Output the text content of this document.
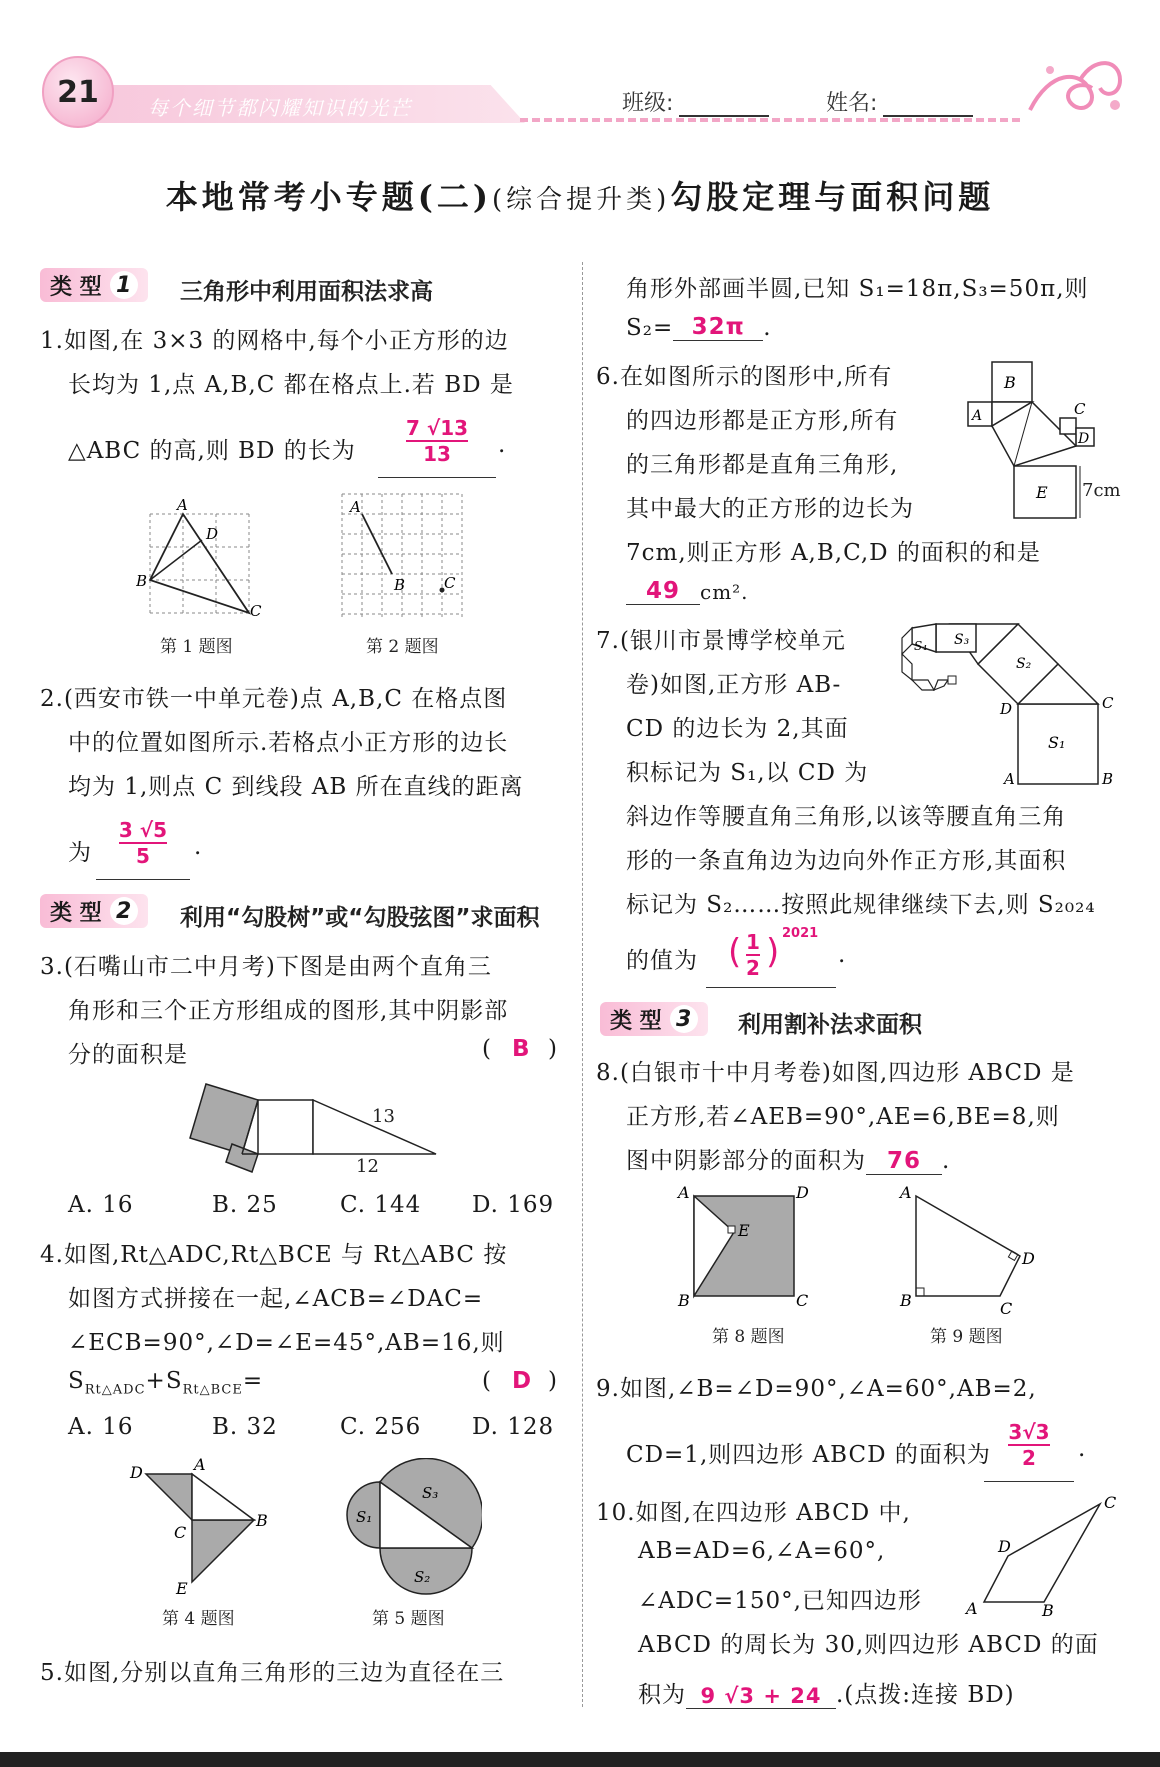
21	每个细节都闪耀知识的光芒	班级:	姓名:
本地常考小专题(二)(综合提升类)勾股定理与面积问题
类 型 1 三角形中利用面积法求高
1.如图,在 3×3 的网格中,每个小正方形的边
长均为 1,点 A,B,C 都在格点上.若 BD 是
△ABC 的高,则 BD 的长为	$\frac{7 √13}{13}$ .
A
B
C
D
第 1 题图
A
B	C
第 2 题图
2.(西安市铁一中单元卷)点 A,B,C 在格点图
中的位置如图所示.若格点小正方形的边长
均为 1,则点 C 到线段 AB 所在直线的距离
为 $\frac{3 √5}{5}$ .
类 型 2 利用“勾股树”或“勾股弦图”求面积
3.(石嘴山市二中月考)下图是由两个直角三
角形和三个正方形组成的图形,其中阴影部
分的面积是	( B )
13
12
A. 16	B. 25	C. 144 D. 169
4.如图,Rt△ADC,Rt△BCE 与 Rt△ABC 按
如图方式拼接在一起,∠ACB=∠DAC=
∠ECB=90°,∠D=∠E=45°,AB=16,则
$S_{Rt\triangle ADC}+S_{Rt\triangle BCE}=$	( D )
A. 16	B. 32	C. 256 D. 128
D	A
B
C
E
第 4 题图
S₁
S₃
S₂
第 5 题图
5.如图,分别以直角三角形的三边为直径在三
角形外部画半圆,已知 S₁=18π,S₃=50π,则
S₂= 32π .
6.在如图所示的图形中,所有
的四边形都是正方形,所有
的三角形都是直角三角形,
其中最大的正方形的边长为
7cm,则正方形 A,B,C,D 的面积的和是
49 cm².
B
A	C
D
E 7cm
7.(银川市景博学校单元
卷)如图,正方形 AB-
CD 的边长为 2,其面
积标记为 S₁,以 CD 为
斜边作等腰直角三角形,以该等腰直角三角
形的一条直角边为边向外作正方形,其面积
标记为 S₂……按照此规律继续下去,则 S₂₀₂₄
的值为 ( 1
2 ) 2021
.
S₁
S₂
S₃
S₄
D	C
A	B
类 型 3 利用割补法求面积
8.(白银市十中月考卷)如图,四边形 ABCD 是
正方形,若∠AEB=90°,AE=6,BE=8,则
图中阴影部分的面积为 76 .
A	D
E
B	C
第 8 题图
A
D
B	C
第 9 题图
9.如图,∠B=∠D=90°,∠A=60°,AB=2,
CD=1,则四边形 ABCD 的面积为 $\frac{3√3}{2}$ .
10.如图,在四边形 ABCD 中,
AB=AD=6,∠A=60°,
∠ADC=150°,已知四边形
ABCD 的周长为 30,则四边形 ABCD 的面
积为 9 √3 + 24 .(点拨:连接 BD)
A	B
C
D
